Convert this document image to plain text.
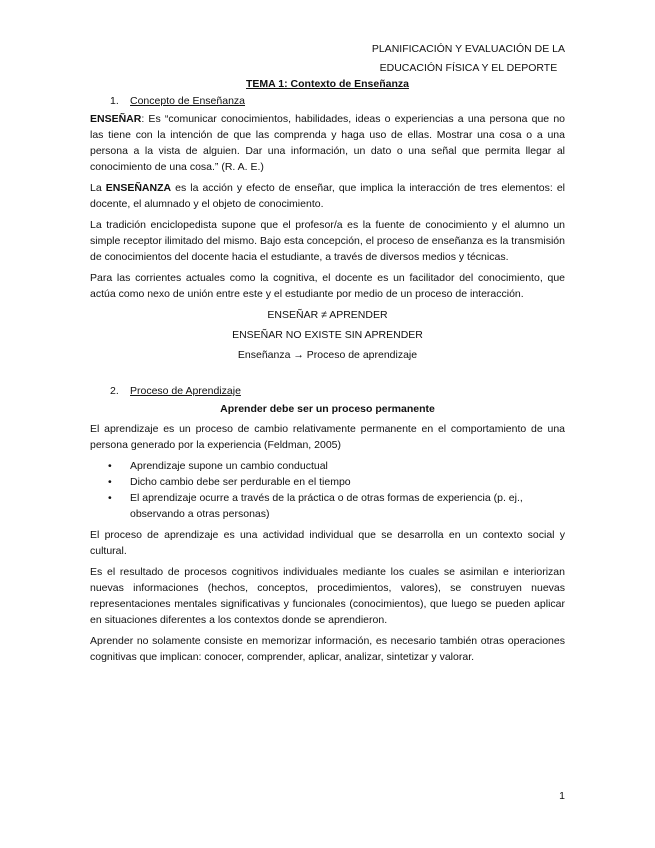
PLANIFICACIÓN Y EVALUACIÓN DE LA
EDUCACIÓN FÍSICA Y EL DEPORTE
TEMA 1: Contexto de Enseñanza
1.	Concepto de Enseñanza

ENSEÑAR: Es “comunicar conocimientos, habilidades, ideas o experiencias a una persona que no las tiene con la intención de que las comprenda y haga uso de ellas. Mostrar una cosa o a una persona a la vista de alguien. Dar una información, un dato o una señal que permita llegar al conocimiento de una cosa.” (R. A. E.)

La ENSEÑANZA es la acción y efecto de enseñar, que implica la interacción de tres elementos: el docente, el alumnado y el objeto de conocimiento.

La tradición enciclopedista supone que el profesor/a es la fuente de conocimiento y el alumno un simple receptor ilimitado del mismo. Bajo esta concepción, el proceso de enseñanza es la transmisión de conocimientos del docente hacia el estudiante, a través de diversos medios y técnicas.

Para las corrientes actuales como la cognitiva, el docente es un facilitador del conocimiento, que actúa como nexo de unión entre este y el estudiante por medio de un proceso de interacción.

ENSEÑAR ≠ APRENDER
ENSEÑAR NO EXISTE SIN APRENDER
Enseñanza → Proceso de aprendizaje
2.	Proceso de Aprendizaje
Aprender debe ser un proceso permanente

El aprendizaje es un proceso de cambio relativamente permanente en el comportamiento de una persona generado por la experiencia (Feldman, 2005)

• Aprendizaje supone un cambio conductual
• Dicho cambio debe ser perdurable en el tiempo
• El aprendizaje ocurre a través de la práctica o de otras formas de experiencia (p. ej., observando a otras personas)

El proceso de aprendizaje es una actividad individual que se desarrolla en un contexto social y cultural.

Es el resultado de procesos cognitivos individuales mediante los cuales se asimilan e interiorizan nuevas informaciones (hechos, conceptos, procedimientos, valores), se construyen nuevas representaciones mentales significativas y funcionales (conocimientos), que luego se pueden aplicar en situaciones diferentes a los contextos donde se aprendieron.

Aprender no solamente consiste en memorizar información, es necesario también otras operaciones cognitivas que implican: conocer, comprender, aplicar, analizar, sintetizar y valorar.

1
